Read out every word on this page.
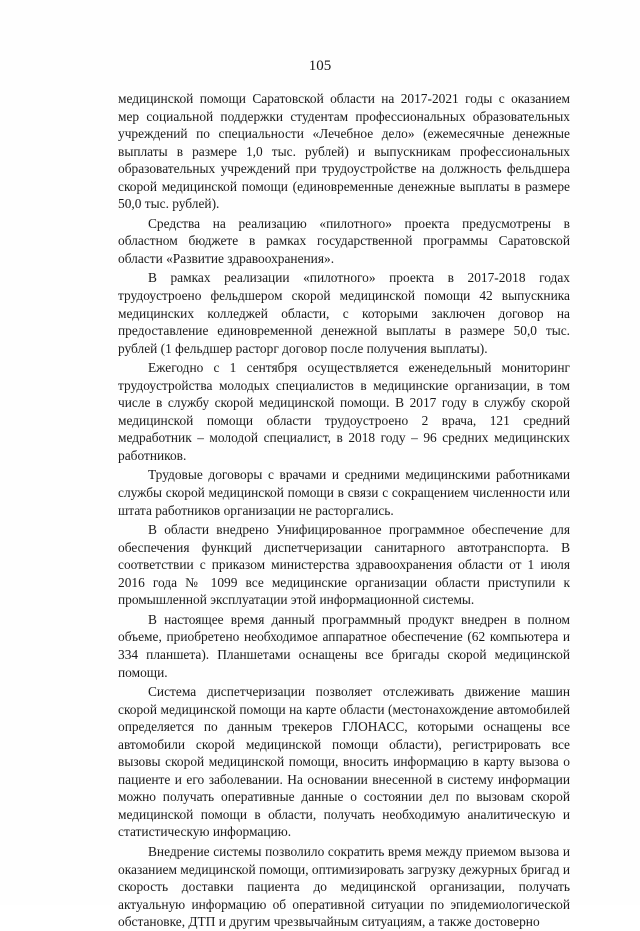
105

медицинской помощи Саратовской области на 2017-2021 годы с оказанием мер социальной поддержки студентам профессиональных образовательных учреждений по специальности «Лечебное дело» (ежемесячные денежные выплаты в размере 1,0 тыс. рублей) и выпускникам профессиональных образовательных учреждений при трудоустройстве на должность фельдшера скорой медицинской помощи (единовременные денежные выплаты в размере 50,0 тыс. рублей).

Средства на реализацию «пилотного» проекта предусмотрены в областном бюджете в рамках государственной программы Саратовской области «Развитие здравоохранения».

В рамках реализации «пилотного» проекта в 2017-2018 годах трудоустроено фельдшером скорой медицинской помощи 42 выпускника медицинских колледжей области, с которыми заключен договор на предоставление единовременной денежной выплаты в размере 50,0 тыс. рублей (1 фельдшер расторг договор после получения выплаты).

Ежегодно с 1 сентября осуществляется еженедельный мониторинг трудоустройства молодых специалистов в медицинские организации, в том числе в службу скорой медицинской помощи. В 2017 году в службу скорой медицинской помощи области трудоустроено 2 врача, 121 средний медработник – молодой специалист, в 2018 году – 96 средних медицинских работников.

Трудовые договоры с врачами и средними медицинскими работниками службы скорой медицинской помощи в связи с сокращением численности или штата работников организации не расторгались.

В области внедрено Унифицированное программное обеспечение для обеспечения функций диспетчеризации санитарного автотранспорта. В соответствии с приказом министерства здравоохранения области от 1 июля 2016 года № 1099 все медицинские организации области приступили к промышленной эксплуатации этой информационной системы.

В настоящее время данный программный продукт внедрен в полном объеме, приобретено необходимое аппаратное обеспечение (62 компьютера и 334 планшета). Планшетами оснащены все бригады скорой медицинской помощи.

Система диспетчеризации позволяет отслеживать движение машин скорой медицинской помощи на карте области (местонахождение автомобилей определяется по данным трекеров ГЛОНАСС, которыми оснащены все автомобили скорой медицинской помощи области), регистрировать все вызовы скорой медицинской помощи, вносить информацию в карту вызова о пациенте и его заболевании. На основании внесенной в систему информации можно получать оперативные данные о состоянии дел по вызовам скорой медицинской помощи в области, получать необходимую аналитическую и статистическую информацию.

Внедрение системы позволило сократить время между приемом вызова и оказанием медицинской помощи, оптимизировать загрузку дежурных бригад и скорость доставки пациента до медицинской организации, получать актуальную информацию об оперативной ситуации по эпидемиологической обстановке, ДТП и другим чрезвычайным ситуациям, а также достоверно
